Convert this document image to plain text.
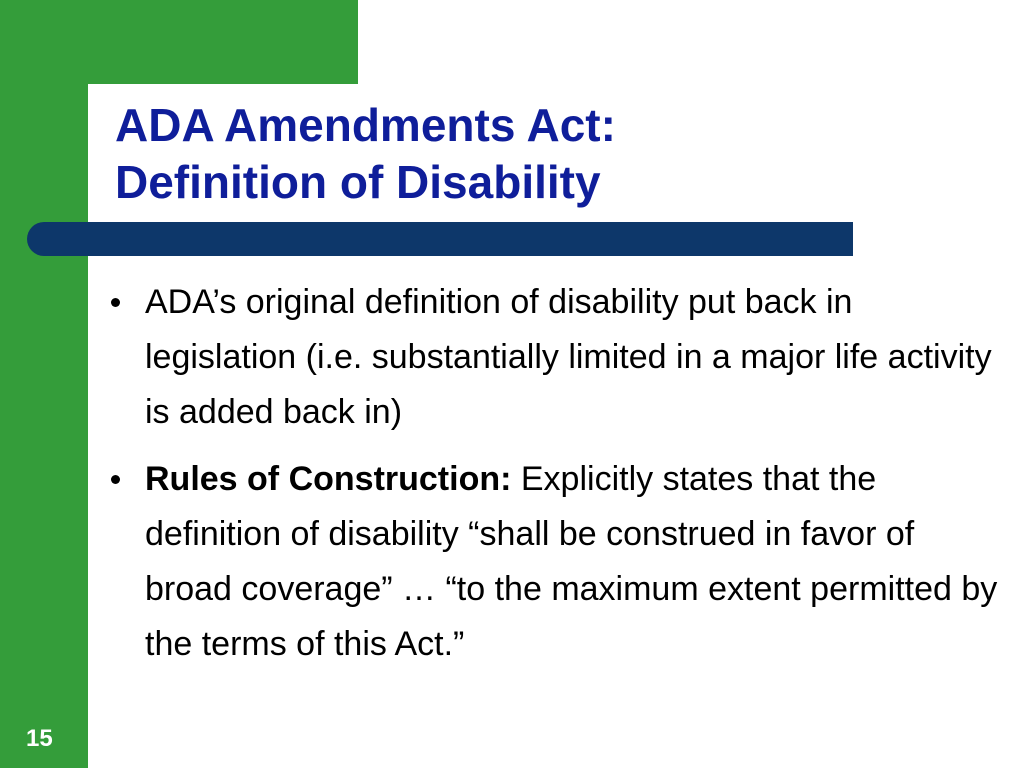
ADA Amendments Act:
Definition of Disability
ADA’s original definition of disability put back in legislation (i.e. substantially limited in a major life activity is added back in)
Rules of Construction: Explicitly states that the definition of disability “shall be construed in favor of broad coverage” … “to the maximum extent permitted by the terms of this Act.”
15
